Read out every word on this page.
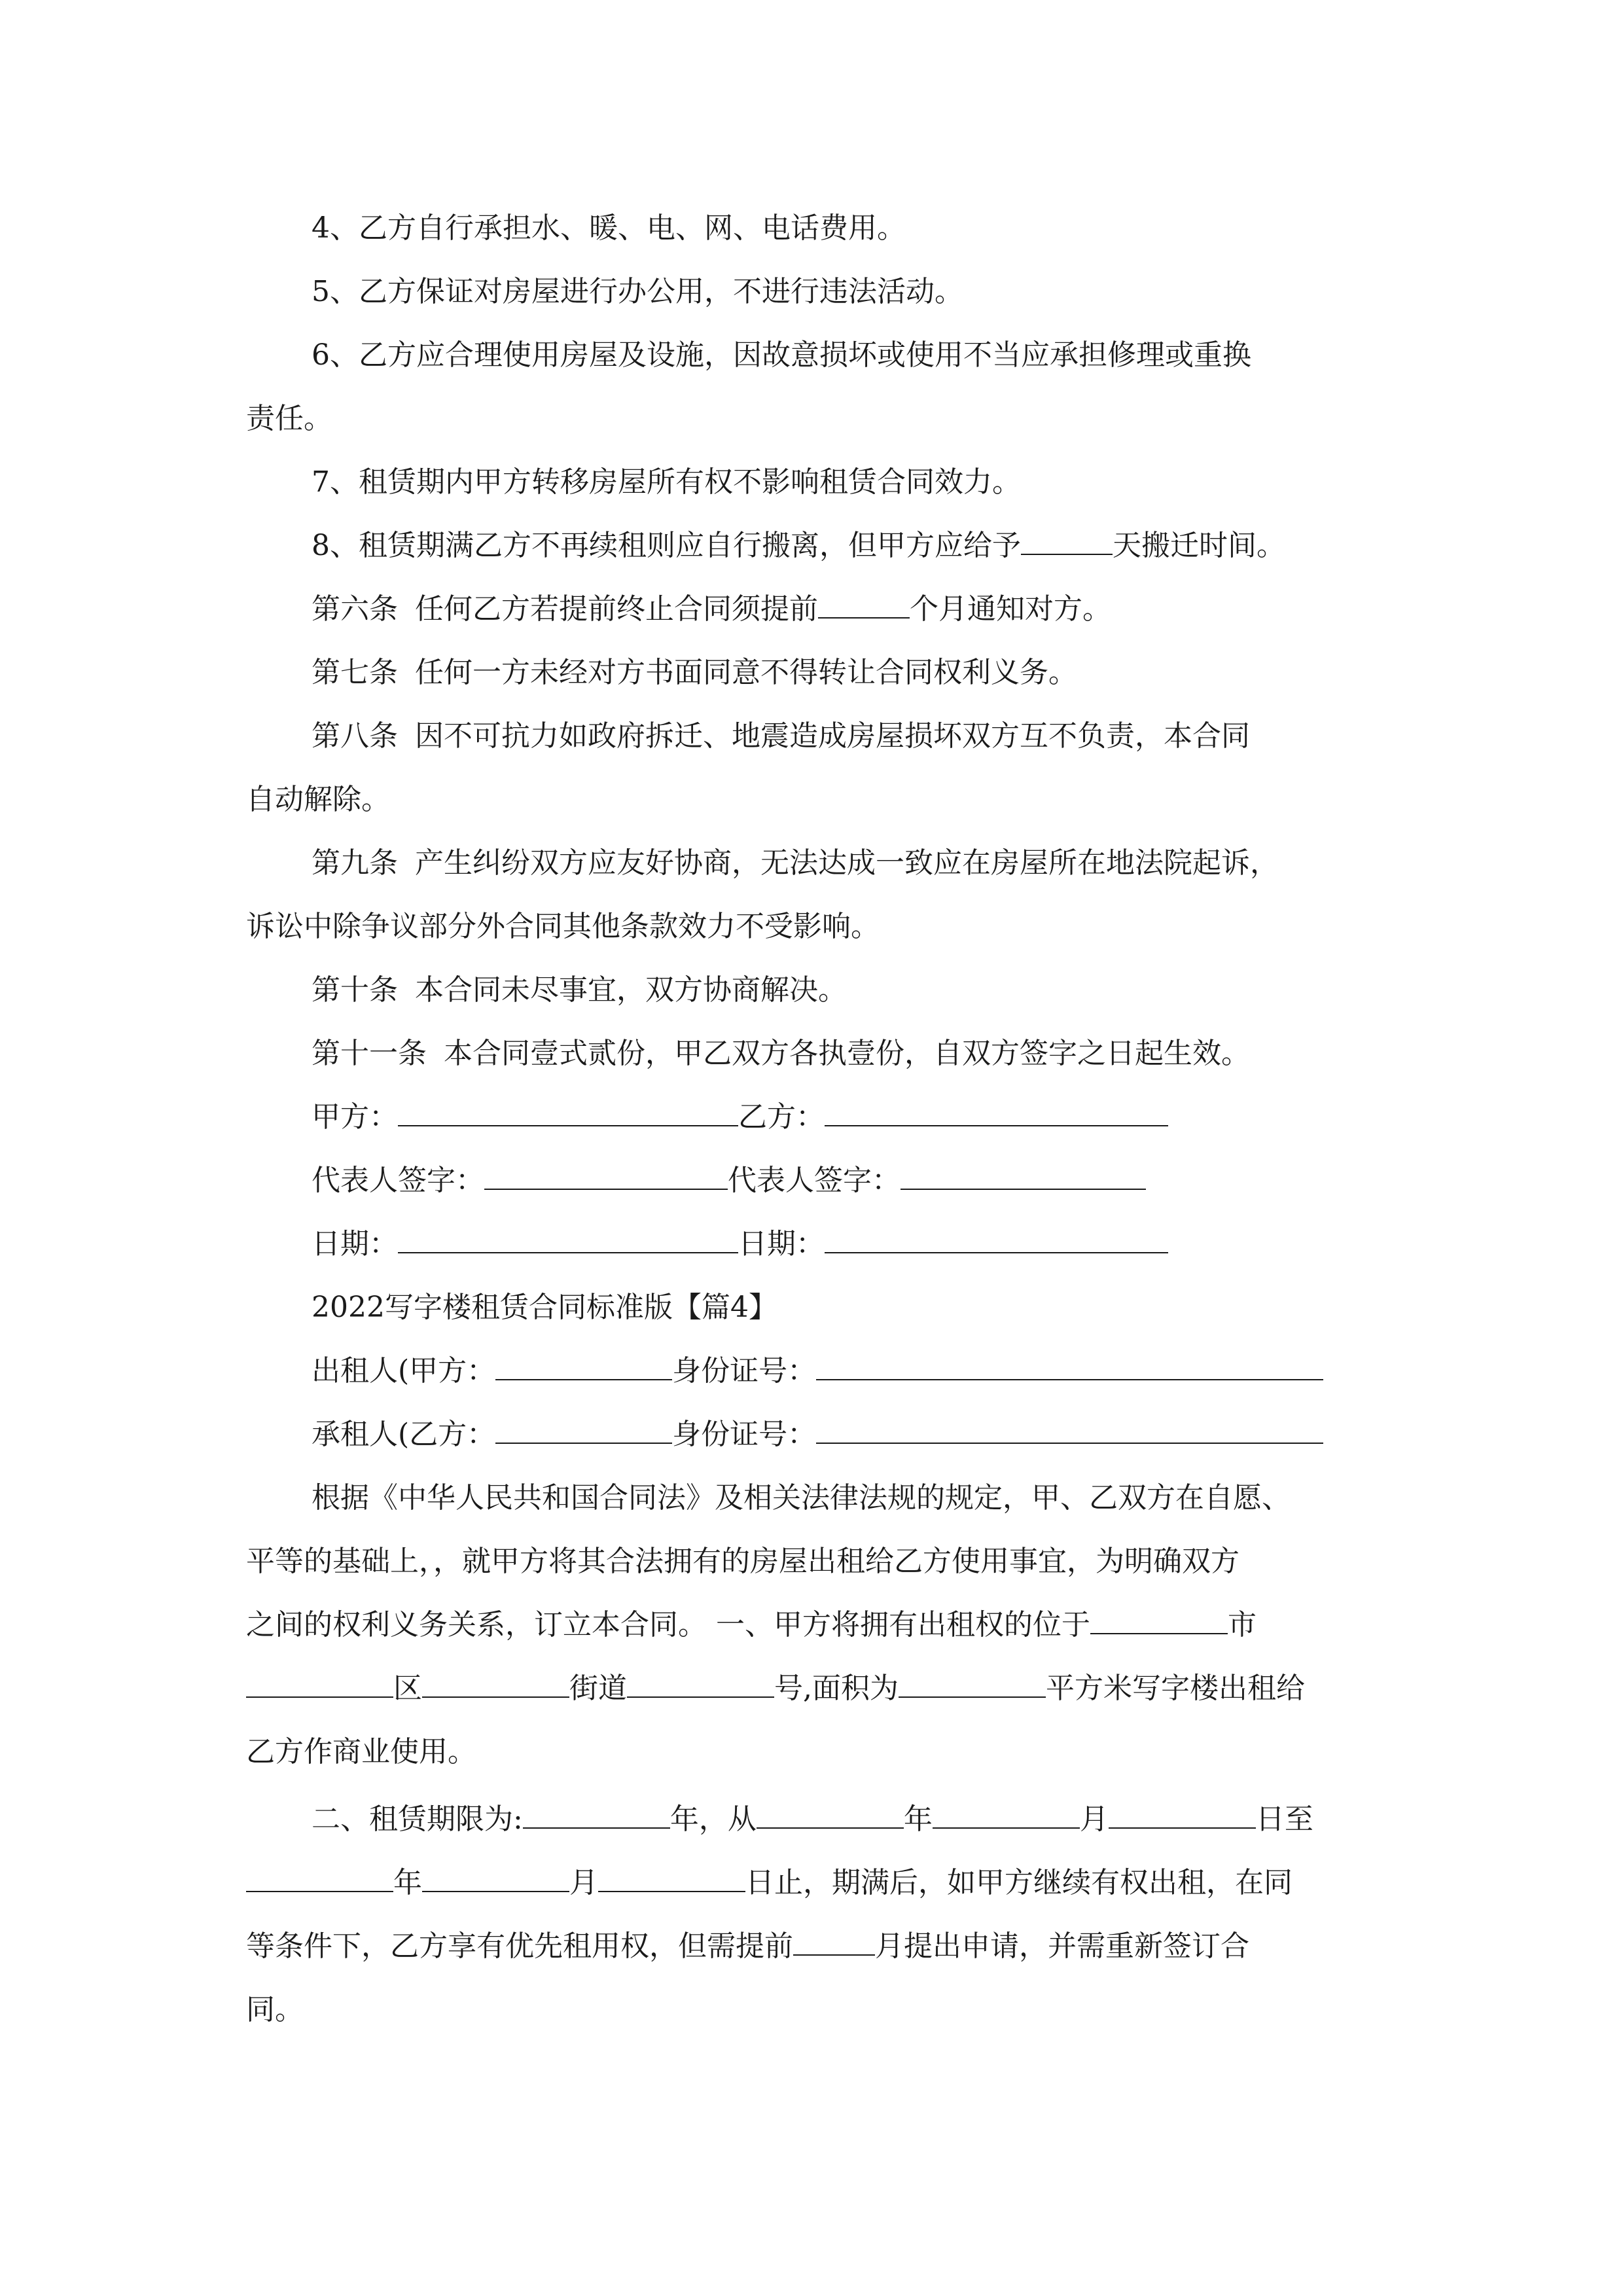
4、乙方自行承担水、暖、电、网、电话费用。
5、乙方保证对房屋进行办公用，不进行违法活动。
6、乙方应合理使用房屋及设施，因故意损坏或使用不当应承担修理或重换
责任。
7、租赁期内甲方转移房屋所有权不影响租赁合同效力。
8、租赁期满乙方不再续租则应自行搬离，但甲方应给予	天搬迁时间。
第六条 任何乙方若提前终止合同须提前	个月通知对方。
第七条 任何一方未经对方书面同意不得转让合同权利义务。
第八条 因不可抗力如政府拆迁、地震造成房屋损坏双方互不负责，本合同
自动解除。
第九条 产生纠纷双方应友好协商，无法达成一致应在房屋所在地法院起诉，
诉讼中除争议部分外合同其他条款效力不受影响。
第十条 本合同未尽事宜，双方协商解决。
第十一条 本合同壹式贰份，甲乙双方各执壹份，自双方签字之日起生效。
甲方：	乙方：
代表人签字：	代表人签字：
日期：	日期：
2022写字楼租赁合同标准版【篇4】
出租人(甲方：	身份证号：
承租人(乙方：	身份证号：
根据《中华人民共和国合同法》及相关法律法规的规定，甲、乙双方在自愿、
平等的基础上，，就甲方将其合法拥有的房屋出租给乙方使用事宜，为明确双方
之间的权利义务关系，订立本合同。 一、甲方将拥有出租权的位于	市
区	街道	号,面积为	平方米写字楼出租给
乙方作商业使用。
二、租赁期限为:	年，从	年	月	日至
年	月	日止，期满后，如甲方继续有权出租，在同
等条件下，乙方享有优先租用权，但需提前	月提出申请，并需重新签订合
同。
